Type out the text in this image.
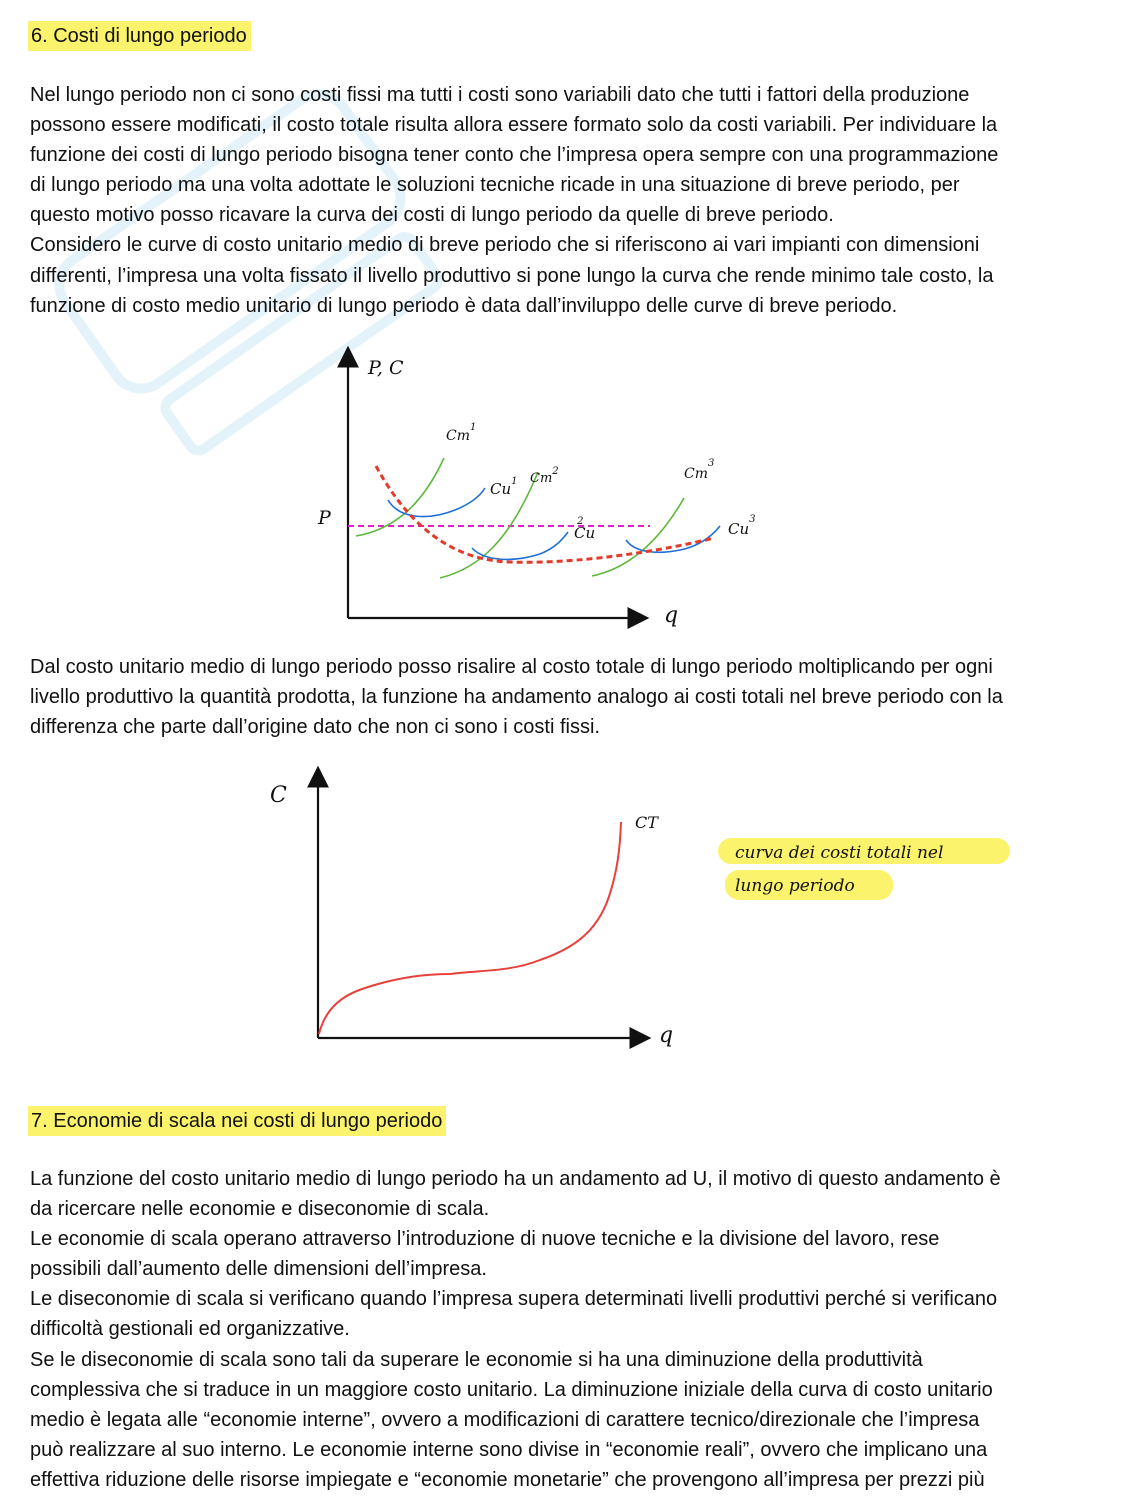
6. Costi di lungo periodo
Nel lungo periodo non ci sono costi fissi ma tutti i costi sono variabili dato che tutti i fattori della produzione
possono essere modificati, il costo totale risulta allora essere formato solo da costi variabili. Per individuare la
funzione dei costi di lungo periodo bisogna tener conto che l’impresa opera sempre con una programmazione
di lungo periodo ma una volta adottate le soluzioni tecniche ricade in una situazione di breve periodo, per
questo motivo posso ricavare la curva dei costi di lungo periodo da quelle di breve periodo.
Considero le curve di costo unitario medio di breve periodo che si riferiscono ai vari impianti con dimensioni
differenti, l’impresa una volta fissato il livello produttivo si pone lungo la curva che rende minimo tale costo, la
funzione di costo medio unitario di lungo periodo è data dall’inviluppo delle curve di breve periodo.
P, C
q
P
Cm$^1$
Cu$^1$ Cm$^2$
Cu2
Cm$^3$
Cu$^3$
Dal costo unitario medio di lungo periodo posso risalire al costo totale di lungo periodo moltiplicando per ogni
livello produttivo la quantità prodotta, la funzione ha andamento analogo ai costi totali nel breve periodo con la
differenza che parte dall’origine dato che non ci sono i costi fissi.
C
q
CT
curva dei costi totali nel
lungo periodo
7. Economie di scala nei costi di lungo periodo
La funzione del costo unitario medio di lungo periodo ha un andamento ad U, il motivo di questo andamento è
da ricercare nelle economie e diseconomie di scala.
Le economie di scala operano attraverso l’introduzione di nuove tecniche e la divisione del lavoro, rese
possibili dall’aumento delle dimensioni dell’impresa.
Le diseconomie di scala si verificano quando l’impresa supera determinati livelli produttivi perché si verificano
difficoltà gestionali ed organizzative.
Se le diseconomie di scala sono tali da superare le economie si ha una diminuzione della produttività
complessiva che si traduce in un maggiore costo unitario. La diminuzione iniziale della curva di costo unitario
medio è legata alle “economie interne”, ovvero a modificazioni di carattere tecnico/direzionale che l’impresa
può realizzare al suo interno. Le economie interne sono divise in “economie reali”, ovvero che implicano una
effettiva riduzione delle risorse impiegate e “economie monetarie” che provengono all’impresa per prezzi più
